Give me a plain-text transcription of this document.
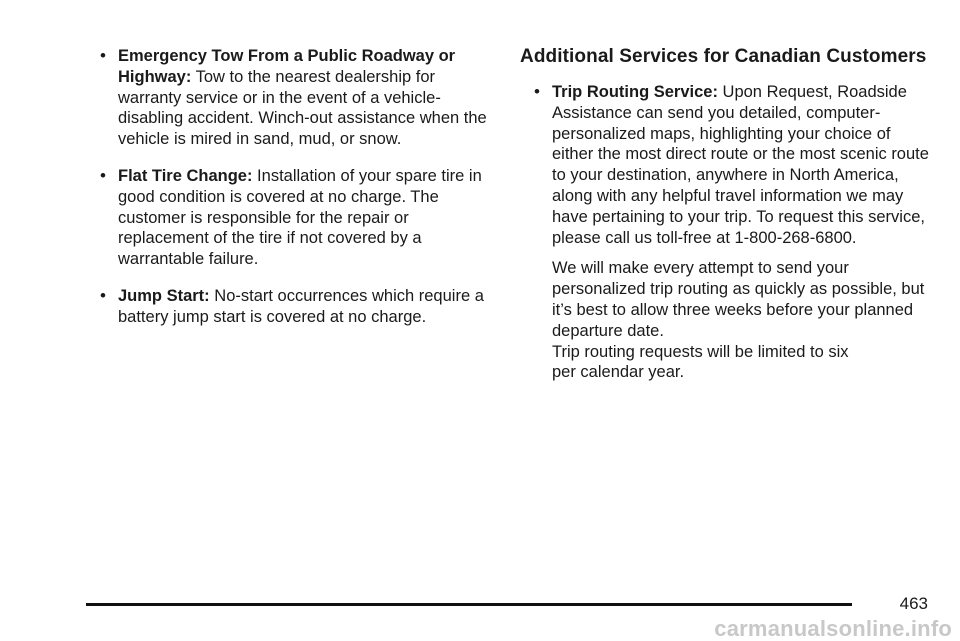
• Emergency Tow From a Public Roadway or Highway: Tow to the nearest dealership for warranty service or in the event of a vehicle-disabling accident. Winch-out assistance when the vehicle is mired in sand, mud, or snow.
• Flat Tire Change: Installation of your spare tire in good condition is covered at no charge. The customer is responsible for the repair or replacement of the tire if not covered by a warrantable failure.
• Jump Start: No-start occurrences which require a battery jump start is covered at no charge.
Additional Services for Canadian Customers
• Trip Routing Service: Upon Request, Roadside Assistance can send you detailed, computer-personalized maps, highlighting your choice of either the most direct route or the most scenic route to your destination, anywhere in North America, along with any helpful travel information we may have pertaining to your trip. To request this service, please call us toll-free at 1-800-268-6800.
We will make every attempt to send your personalized trip routing as quickly as possible, but it’s best to allow three weeks before your planned departure date.
Trip routing requests will be limited to six per calendar year.
463
carmanualsonline.info
